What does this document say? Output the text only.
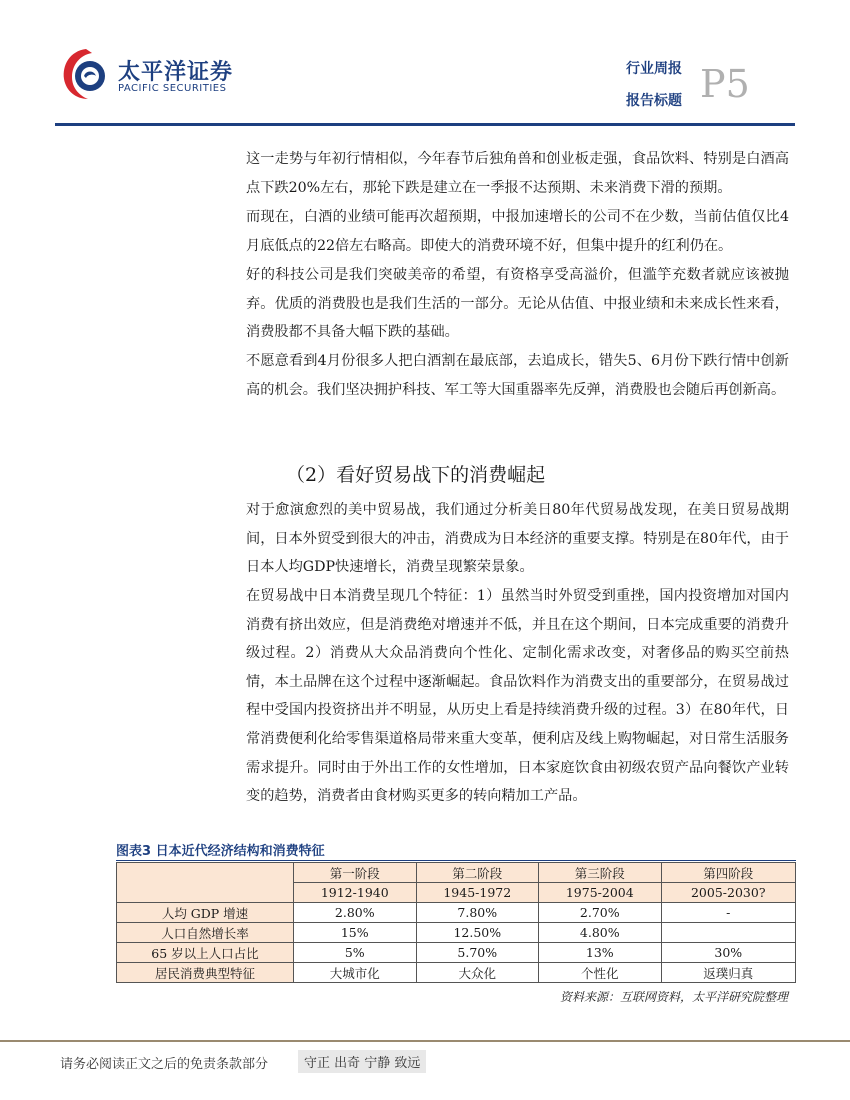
太平洋证券
PACIFIC SECURITIES
行业周报
报告标题 P5

这一走势与年初行情相似，今年春节后独角兽和创业板走强，食品饮料、特别是白酒高点下跌20%左右，那轮下跌是建立在一季报不达预期、未来消费下滑的预期。

而现在，白酒的业绩可能再次超预期，中报加速增长的公司不在少数，当前估值仅比4月底低点的22倍左右略高。即使大的消费环境不好，但集中提升的红利仍在。

好的科技公司是我们突破美帝的希望，有资格享受高溢价，但滥竽充数者就应该被抛弃。优质的消费股也是我们生活的一部分。无论从估值、中报业绩和未来成长性来看，消费股都不具备大幅下跌的基础。

不愿意看到4月份很多人把白酒割在最底部，去追成长，错失5、6月份下跌行情中创新高的机会。我们坚决拥护科技、军工等大国重器率先反弹，消费股也会随后再创新高。

（2）看好贸易战下的消费崛起

对于愈演愈烈的美中贸易战，我们通过分析美日80年代贸易战发现，在美日贸易战期间，日本外贸受到很大的冲击，消费成为日本经济的重要支撑。特别是在80年代，由于日本人均GDP快速增长，消费呈现繁荣景象。

在贸易战中日本消费呈现几个特征：1）虽然当时外贸受到重挫，国内投资增加对国内消费有挤出效应，但是消费绝对增速并不低，并且在这个期间，日本完成重要的消费升级过程。2）消费从大众品消费向个性化、定制化需求改变，对奢侈品的购买空前热情，本土品牌在这个过程中逐渐崛起。食品饮料作为消费支出的重要部分，在贸易战过程中受国内投资挤出并不明显，从历史上看是持续消费升级的过程。3）在80年代，日常消费便利化给零售渠道格局带来重大变革，便利店及线上购物崛起，对日常生活服务需求提升。同时由于外出工作的女性增加，日本家庭饮食由初级农贸产品向餐饮产业转变的趋势，消费者由食材购买更多的转向精加工产品。

图表3 日本近代经济结构和消费特征
	第一阶段	第二阶段	第三阶段	第四阶段
	1912-1940	1945-1972	1975-2004	2005-2030?
人均 GDP 增速	2.80%	7.80%	2.70%	-
人口自然增长率	15%	12.50%	4.80%	
65 岁以上人口占比	5%	5.70%	13%	30%
居民消费典型特征	大城市化	大众化	个性化	返璞归真
资料来源：互联网资料，太平洋研究院整理
请务必阅读正文之后的免责条款部分	守正 出奇 宁静 致远
